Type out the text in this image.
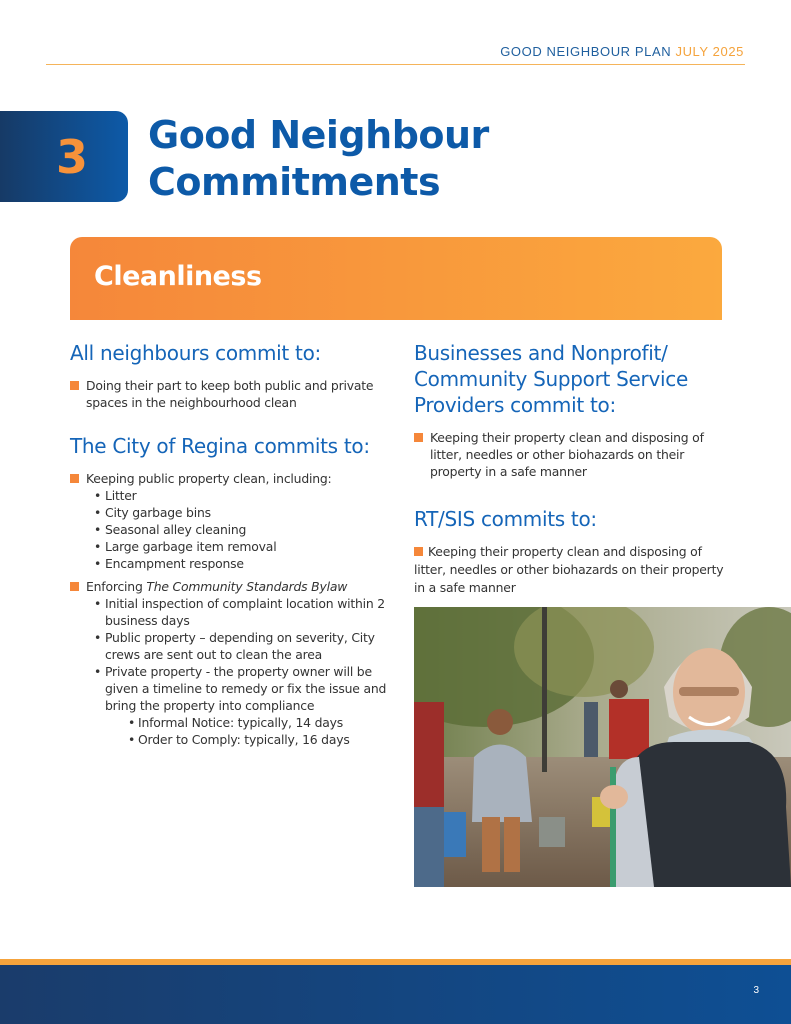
GOOD NEIGHBOUR PLAN JULY 2025
3 Good Neighbour
Commitments
Cleanliness
All neighbours commit to:
Doing their part to keep both public and private spaces in the neighbourhood clean
The City of Regina commits to:
Keeping public property clean, including:
• Litter
• City garbage bins
• Seasonal alley cleaning
• Large garbage item removal
• Encampment response
Enforcing The Community Standards Bylaw
• Initial inspection of complaint location within 2 business days
• Public property – depending on severity, City crews are sent out to clean the area
• Private property - the property owner will be given a timeline to remedy or fix the issue and bring the property into compliance
• Informal Notice: typically, 14 days
• Order to Comply: typically, 16 days
Businesses and Nonprofit/ Community Support Service Providers commit to:
Keeping their property clean and disposing of litter, needles or other biohazards on their property in a safe manner
RT/SIS commits to:
Keeping their property clean and disposing of litter, needles or other biohazards on their property in a safe manner
3
